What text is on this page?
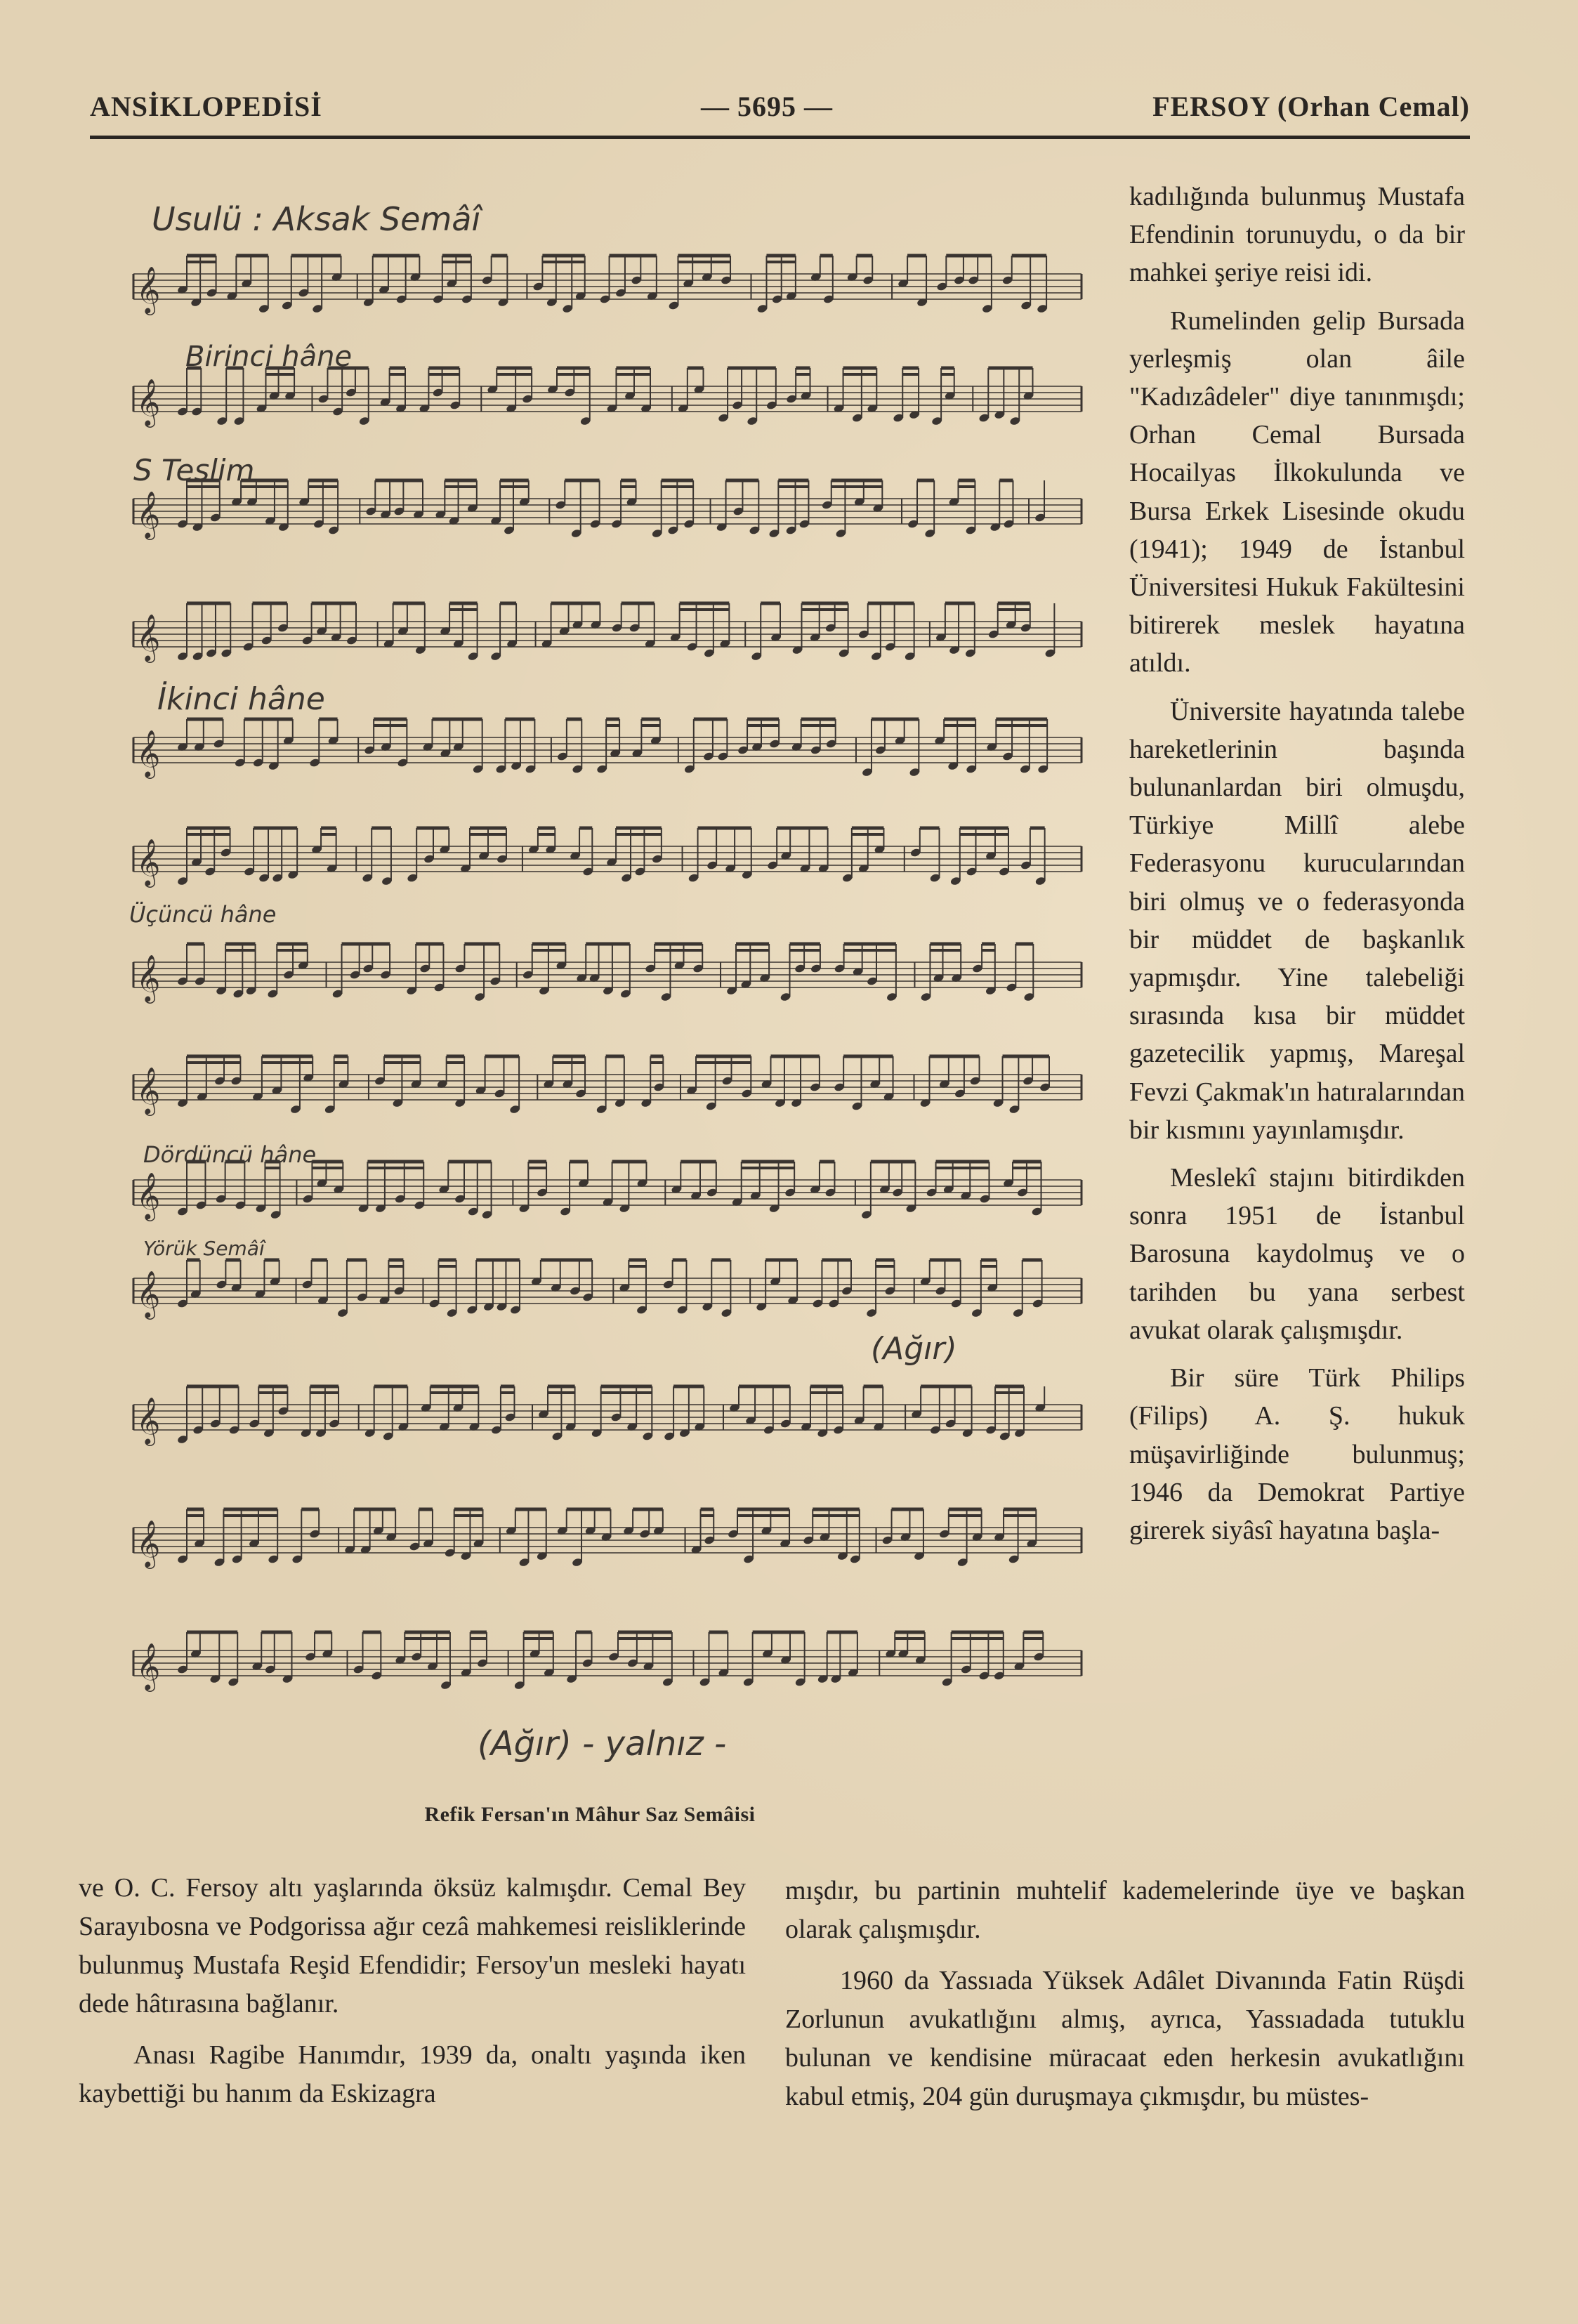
ANSİKLOPEDİSİ	— 5695 —	FERSOY (Orhan Cemal)
𝄞
𝄞
𝄞
𝄞
𝄞
𝄞
𝄞
𝄞
𝄞
𝄞
𝄞
𝄞
𝄞
Usulü : Aksak Semâî
Birinci hâne
S Teslim
İkinci hâne
Üçüncü hâne
Dördüncü hâne
Yörük Semâî
(Ağır)
(Ağır) - yalnız -
Refik Fersan'ın Mâhur Saz Semâisi

kadılığında bulunmuş Mustafa Efendinin torunuydu, o da bir mahkei şeriye reisi idi.

Rumelinden gelip Bursada yerleşmiş olan âile "Kadızâdeler" diye tanınmışdı; Orhan Cemal Bursada Hocailyas İlkokulunda ve Bursa Erkek Lisesinde okudu (1941); 1949 de İstanbul Üniversitesi Hukuk Fakültesini bitirerek meslek hayatına atıldı.

Üniversite hayatında talebe hareketlerinin başında bulunanlardan biri olmuşdu, Türkiye Millî alebe Federasyonu kurucularından biri olmuş ve o federasyonda bir müddet de başkanlık yapmışdır. Yine talebeliği sırasında kısa bir müddet gazetecilik yapmış, Mareşal Fevzi Çakmak'ın hatıralarından bir kısmını yayınlamışdır.

Meslekî stajını bitirdikden sonra 1951 de İstanbul Barosuna kaydolmuş ve o tarihden bu yana serbest avukat olarak çalışmışdır.

Bir süre Türk Philips (Filips) A. Ş. hukuk müşavirliğinde bulunmuş; 1946 da Demokrat Partiye girerek siyâsî hayatına başla-

ve O. C. Fersoy altı yaşlarında öksüz kalmışdır. Cemal Bey Sarayıbosna ve Podgorissa ağır cezâ mahkemesi reisliklerinde bulunmuş Mustafa Reşid Efendidir; Fersoy'un mesleki hayatı dede hâtırasına bağlanır.

Anası Ragibe Hanımdır, 1939 da, onaltı yaşında iken kaybettiği bu hanım da Eskizagra

mışdır, bu partinin muhtelif kademelerinde üye ve başkan olarak çalışmışdır.

1960 da Yassıada Yüksek Adâlet Divanında Fatin Rüşdi Zorlunun avukatlığını almış, ayrıca, Yassıadada tutuklu bulunan ve kendisine müracaat eden herkesin avukatlığını kabul etmiş, 204 gün duruşmaya çıkmışdır, bu müstes-
